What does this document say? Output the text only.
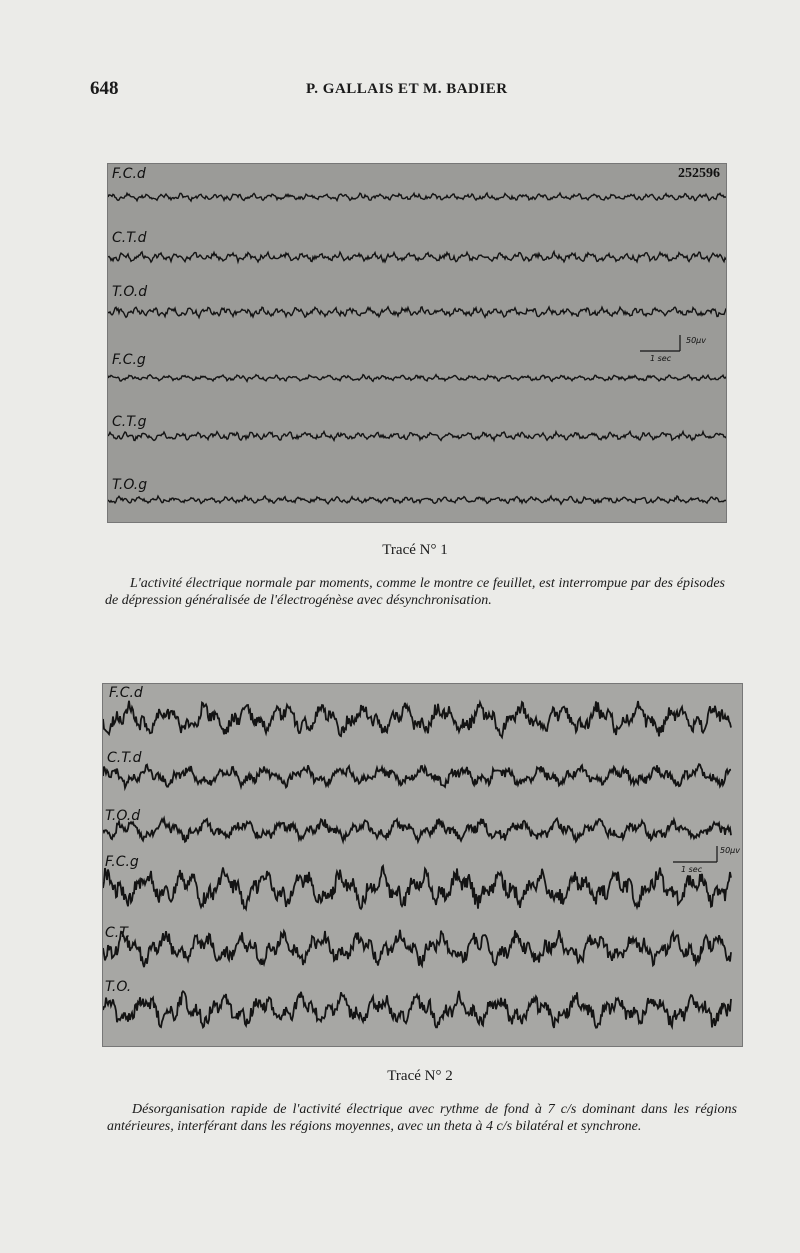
648	P. GALLAIS ET M. BADIER
252596
F.C.d
C.T.d
T.O.d
F.C.g
C.T.g
T.O.g
50µv
1 sec
Tracé N° 1
L'activité électrique normale par moments, comme le montre ce feuillet, est interrompue par des épisodes de dépression généralisée de l'électrogénèse avec désynchronisation.
F.C.d
C.T.d
T.O.d
F.C.g
C.T.
T.O.
50µv
1 sec
Tracé N° 2
Désorganisation rapide de l'activité électrique avec rythme de fond à 7 c/s dominant dans les régions antérieures, interférant dans les régions moyennes, avec un theta à 4 c/s bilatéral et synchrone.
